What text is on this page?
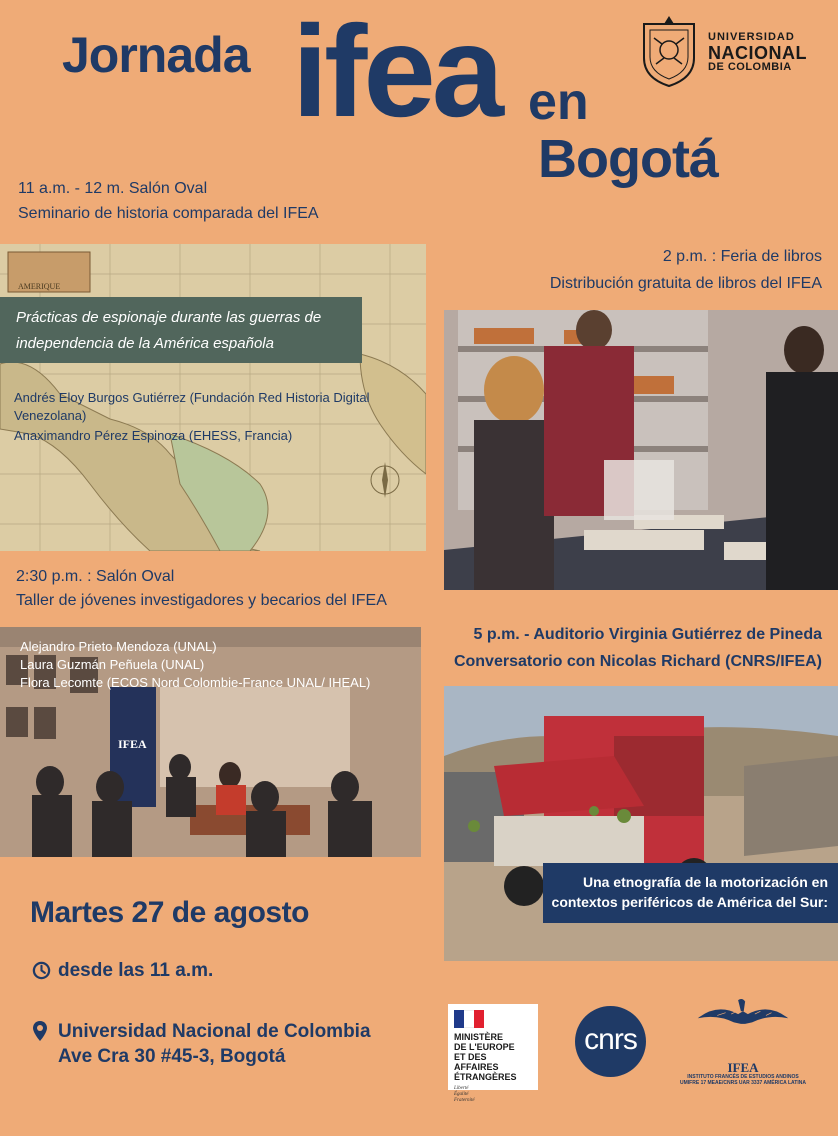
Jornada ifea en
Bogotá
UNIVERSIDAD
NACIONAL
DE COLOMBIA
11 a.m. - 12 m. Salón Oval
Seminario de historia comparada del IFEA
AMERIQUE
Prácticas de espionaje durante las guerras de
independencia de la América española
Andrés Eloy Burgos Gutiérrez (Fundación Red Historia Digital
Venezolana)
Anaximandro Pérez Espinoza (EHESS, Francia)
2 p.m. : Feria de libros
Distribución gratuita de libros del IFEA
2:30 p.m. : Salón Oval
Taller de jóvenes investigadores y becarios del IFEA
IFEA
Alejandro Prieto Mendoza (UNAL)
Laura Guzmán Peñuela (UNAL)
Flora Lecomte (ECOS Nord Colombie-France UNAL/ IHEAL)
5 p.m. - Auditorio Virginia Gutiérrez de Pineda
Conversatorio con Nicolas Richard (CNRS/IFEA)
Una etnografía de la motorización en
contextos periféricos de América del Sur:
Martes 27 de agosto
desde las 11 a.m.
Universidad Nacional de Colombia
Ave Cra 30 #45-3, Bogotá
MINISTÈRE
DE L'EUROPE
ET DES AFFAIRES
ÉTRANGÈRES
Liberté
Égalité
Fraternité
cnrs
IFEA
INSTITUTO FRANCÉS DE ESTUDIOS ANDINOS
UMIFRE 17 MEAE/CNRS UAR 3337 AMÉRICA LATINA
